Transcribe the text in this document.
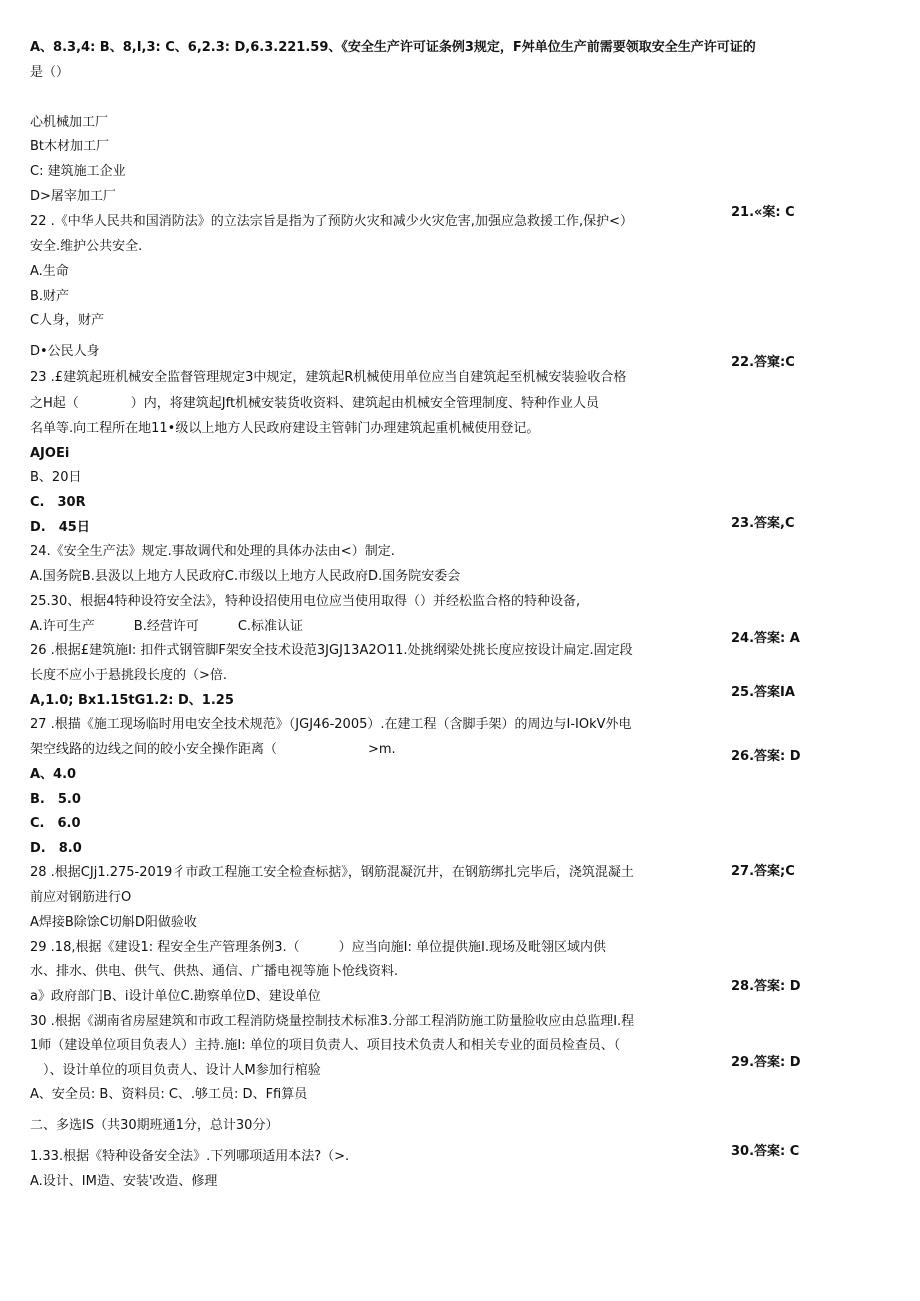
A、8.3,4: B、8,I,3: C、6,2.3: D,6.3.221.59、《安全生产许可证条例3规定，F舛单位生产前需要领取安全生产许可证的
是（）
心机械加工厂
Bt木材加工厂
C: 建筑施工企业
D>屠宰加工厂
22 .《中华人民共和国消防法》的立法宗旨是指为了预防火灾和减少火灾危害,加强应急救援工作,保护<）
安全.维护公共安全.
A.生命
B.财产
C人身，财产
D•公民人身
23 .£建筑起班机械安全监督管理规定3中规定，建筑起R机械使用单位应当自建筑起至机械安装验收合格
之H起（　　　　）内，将建筑起Jft机械安装货收资料、建筑起由机械安全管理制度、特种作业人员
名单等.向工程所在地11•级以上地方人民政府建设主管韩门办理建筑起重机械使用登记。
AJOEi
B、20日
C.　30R
D.　45日
24.《安全生产法》规定.事故调代和处理的具体办法由<）制定.
A.国务院B.县汲以上地方人民政府C.市级以上地方人民政府D.国务院安委会
25.30、根据4特种设符安全法》，特种设招使用电位应当使用取得（）并经松监合格的特种设备,
A.许可生产　　　B.经营许可　　　C.标准认证
26 .根据£建筑施I: 扣件式钢管脚F架安全技术设范3JGJ13A2O11.处挑纲梁处挑长度应按设计扁定.固定段
长度不应小于悬挑段长度的（>倍.
A,1.0; Bx1.15tG1.2: D、1.25
27 .根描《施工现场临时用电安全技术规范》（JGJ46-2005）.在建工程（含脚手架）的周边与I-IOkV外电
架空线路的边线之间的皎小安全操作距离（　　　　　　　>m.
A、4.0
B.　5.0
C.　6.0
D.　8.0
28 .根据CJj1.275-2019彳市政工程施工安全检查标掂》，钢筋混凝沉井，在钢筋绑扎完毕后，浇筑混凝土
前应对钢筋进行O
A焊接B除馀C切斛D阳做验收
29 .18,根据《建设1: 程安全生产管理条例3.（　　　）应当向施I: 单位提供施I.现场及毗翎区域内供
水、排水、供电、供气、供热、通信、广播电视等施卜怆线资料.
a》政府部门B、i设计单位C.勘察单位D、建设单位
30 .根据《湖南省房屋建筑和市政工程消防烧量控制技术标准3.分部工程消防施工防量脸收应由总监理I.程
1师（建设单位项目负表人）主持.施I: 单位的项目负责人、项目技术负责人和相关专业的面员检查员、（
　）、设计单位的项目负责人、设计人M参加行棺验
A、安全员: B、资料员: C、.够工员: D、Ffi算员
二、多选IS（共30期班通1分，总计30分）
1.33.根据《特种设备安全法》.下列哪项适用本法?（>.
A.设计、IM造、安装'改造、修理
21.«案: C
22.答窠:C
23.答案,C
24.答案: A
25.答案IA
26.答案: D
27.答案;C
28.答案: D
29.答案: D
30.答案: C
